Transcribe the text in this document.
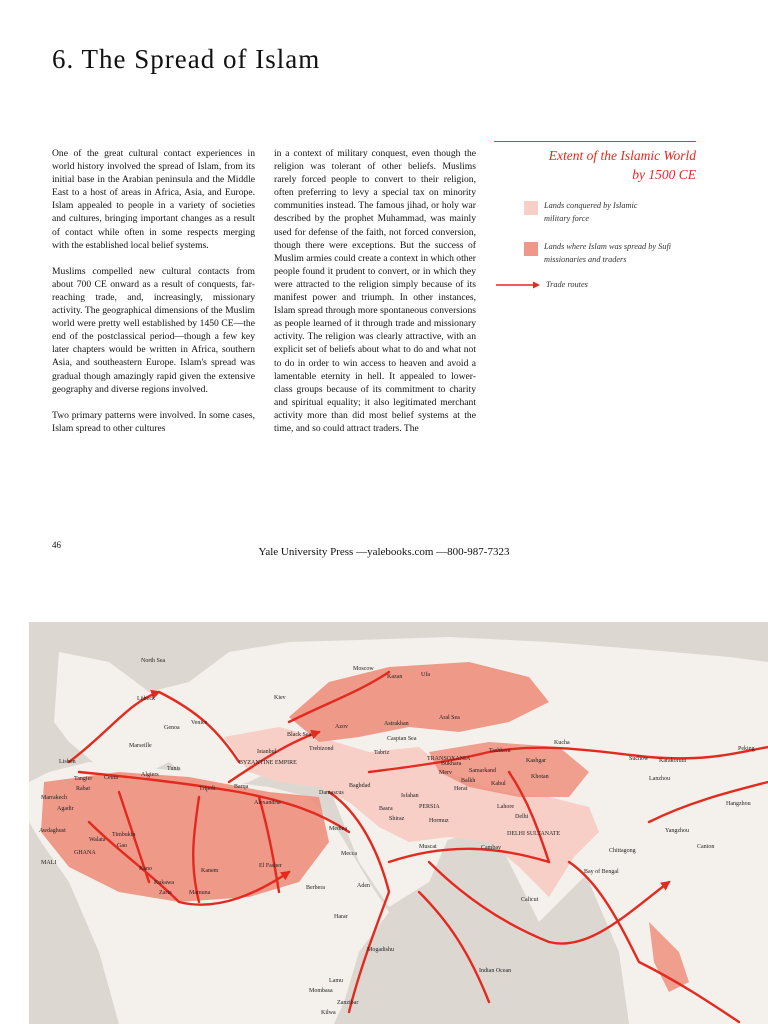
6. The Spread of Islam

One of the great cultural contact experiences in world history involved the spread of Islam, from its initial base in the Arabian peninsula and the Middle East to a host of areas in Africa, Asia, and Europe. Islam appealed to people in a variety of societies and cultures, bringing important changes as a result of contact while often in some respects merging with the established local belief systems.

Muslims compelled new cultural contacts from about 700 CE onward as a result of conquests, far-reaching trade, and, increasingly, missionary activity. The geographical dimensions of the Muslim world were pretty well established by 1450 CE—the end of the postclassical period—though a few key later chapters would be written in Africa, southern Asia, and southeastern Europe. Islam's spread was gradual though amazingly rapid given the extensive geography and diverse regions involved.

Two primary patterns were involved. In some cases, Islam spread to other cultures

in a context of military conquest, even though the religion was tolerant of other beliefs. Muslims rarely forced people to convert to their religion, often preferring to levy a special tax on minority communities instead. The famous jihad, or holy war described by the prophet Muhammad, was mainly used for defense of the faith, not forced conversion, though there were exceptions. But the success of Muslim armies could create a context in which other people found it prudent to convert, or in which they were attracted to the religion simply because of its manifest power and triumph. In other instances, Islam spread through more spontaneous conversions as people learned of it through trade and missionary activity. The religion was clearly attractive, with an explicit set of beliefs about what to do and what not to do in order to win access to heaven and avoid a lamentable eternity in hell. It appealed to lower-class groups because of its commitment to charity and spiritual equality; it also legitimated merchant activity more than did most belief systems at the time, and so could attract traders. The

Extent of the Islamic World
by 1500 CE
Lands conquered by Islamic
military force
Lands where Islam was spread by Sufi
missionaries and traders
Trade routes
46
Yale University Press —yalebooks.com —800-987-7323
North Sea
Moscow
Kazan	Ufa
Lübeck	Kiev
Genoa
Venice
Marseille
Azov	Astrakhan
Aral Sea
Lisbon
Tangier Ceuta	Algiers
Tunis
Rabat
Marrakech
Agadir
Tripoli	Barqa
Alexandria
Istanbul	Trebizond
BYZANTINE EMPIRE
Black Sea
Tabriz
Damascus
Baghdad
Basra
Isfahan
Shiraz	Hormuz
PERSIA
Caspian Sea
TRANSOXANIA
Bukhara
Samarkand
Merv
Balkh
Herat
Tashkent
Kabul
Kashgar
Khotan
Kucha
Lahore
Delhi
DELHI SULTANATE
Medina
Mecca
Muscat	Cambay
Calicut
Chittagong
Bay of Bengal
Suchow Karakorum
Lanzhou
Peking
Yangzhou
Canton
Hangzhou
Aden
Harar
Berbera
Mogadishu
Lamu
Mombasa
Zanzibar
Kilwa
Indian Ocean
Timbuktu
Walata
Gao
Awdaghust
GHANA
MALI
Kano	Kanem
Kukawa
Zaria	Mamuna
El Fasher
